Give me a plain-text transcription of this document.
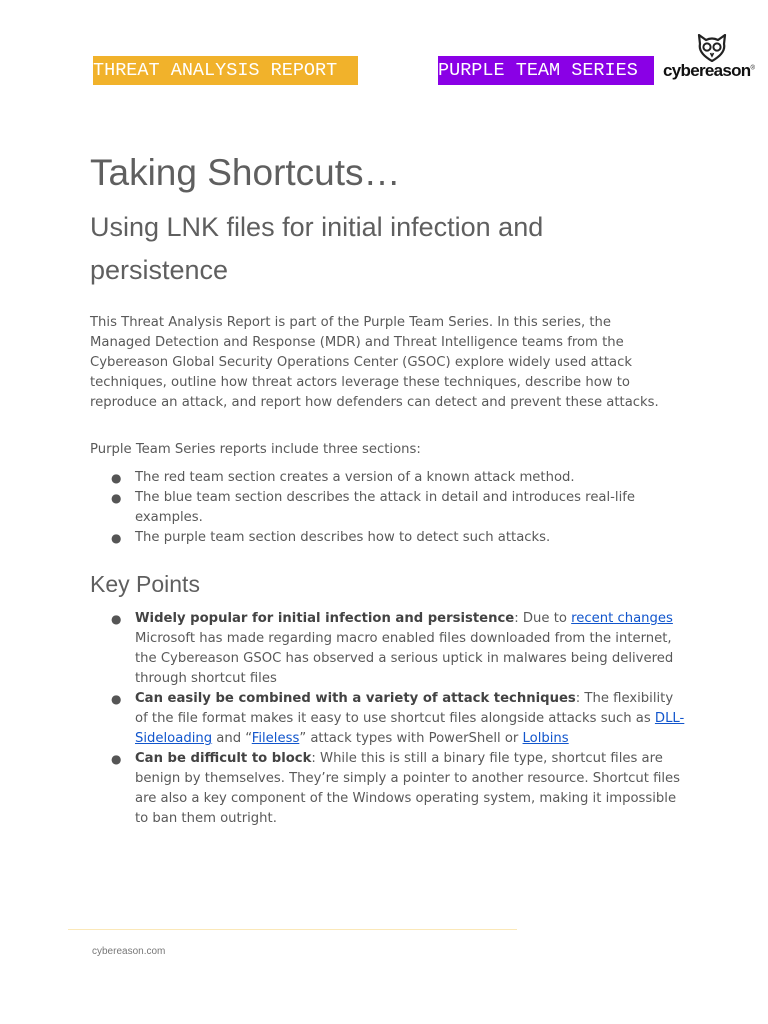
THREAT ANALYSIS REPORT	PURPLE TEAM SERIES	cybereason®
Taking Shortcuts…
Using LNK files for initial infection and persistence

This Threat Analysis Report is part of the Purple Team Series. In this series, the Managed Detection and Response (MDR) and Threat Intelligence teams from the Cybereason Global Security Operations Center (GSOC) explore widely used attack techniques, outline how threat actors leverage these techniques, describe how to reproduce an attack, and report how defenders can detect and prevent these attacks.

Purple Team Series reports include three sections:

● The red team section creates a version of a known attack method.
● The blue team section describes the attack in detail and introduces real-life examples.
● The purple team section describes how to detect such attacks.
Key Points
● Widely popular for initial infection and persistence: Due to recent changes Microsoft has made regarding macro enabled files downloaded from the internet, the Cybereason GSOC has observed a serious uptick in malwares being delivered through shortcut files
● Can easily be combined with a variety of attack techniques: The flexibility of the file format makes it easy to use shortcut files alongside attacks such as DLL-Sideloading and “Fileless” attack types with PowerShell or Lolbins
● Can be difficult to block: While this is still a binary file type, shortcut files are benign by themselves. They’re simply a pointer to another resource. Shortcut files are also a key component of the Windows operating system, making it impossible to ban them outright.
cybereason.com
